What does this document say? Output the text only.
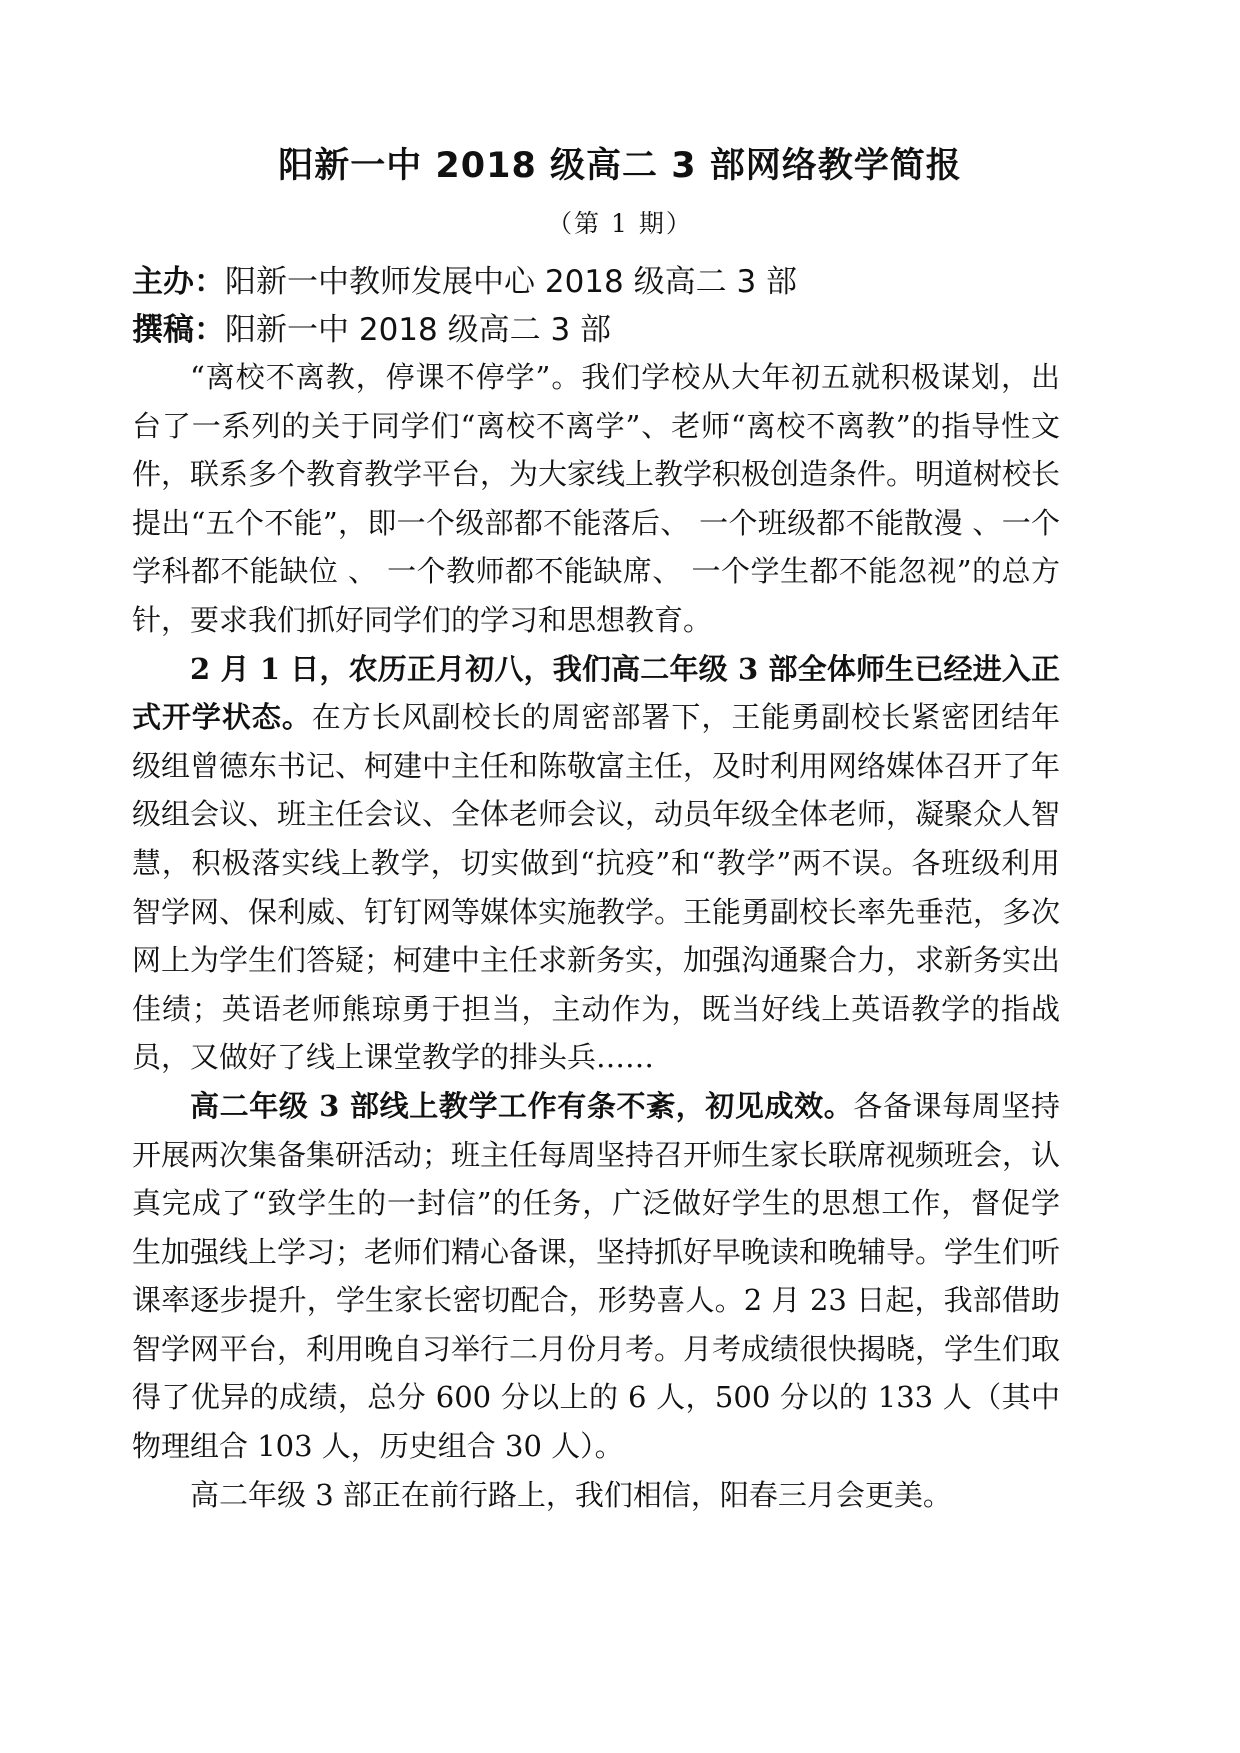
阳新一中 2018 级高二 3 部网络教学简报
（第 1 期）
主办：阳新一中教师发展中心 2018 级高二 3 部
撰稿：阳新一中 2018 级高二 3 部

“离校不离教，停课不停学”。我们学校从大年初五就积极谋划，出台了一系列的关于同学们“离校不离学”、老师“离校不离教”的指导性文件，联系多个教育教学平台，为大家线上教学积极创造条件。明道树校长提出“五个不能”，即一个级部都不能落后、 一个班级都不能散漫 、一个学科都不能缺位 、 一个教师都不能缺席、 一个学生都不能忽视”的总方针，要求我们抓好同学们的学习和思想教育。

2 月 1 日，农历正月初八，我们高二年级 3 部全体师生已经进入正式开学状态。在方长风副校长的周密部署下，王能勇副校长紧密团结年级组曾德东书记、柯建中主任和陈敬富主任，及时利用网络媒体召开了年级组会议、班主任会议、全体老师会议，动员年级全体老师，凝聚众人智慧，积极落实线上教学，切实做到“抗疫”和“教学”两不误。各班级利用智学网、保利威、钉钉网等媒体实施教学。王能勇副校长率先垂范，多次网上为学生们答疑；柯建中主任求新务实，加强沟通聚合力，求新务实出佳绩；英语老师熊琼勇于担当，主动作为，既当好线上英语教学的指战员，又做好了线上课堂教学的排头兵……

高二年级 3 部线上教学工作有条不紊，初见成效。各备课每周坚持开展两次集备集研活动；班主任每周坚持召开师生家长联席视频班会，认真完成了“致学生的一封信”的任务，广泛做好学生的思想工作，督促学生加强线上学习；老师们精心备课，坚持抓好早晚读和晚辅导。学生们听课率逐步提升，学生家长密切配合，形势喜人。2 月 23 日起，我部借助智学网平台，利用晚自习举行二月份月考。月考成绩很快揭晓，学生们取得了优异的成绩，总分 600 分以上的 6 人，500 分以的 133 人（其中物理组合 103 人，历史组合 30 人）。

高二年级 3 部正在前行路上，我们相信，阳春三月会更美。
